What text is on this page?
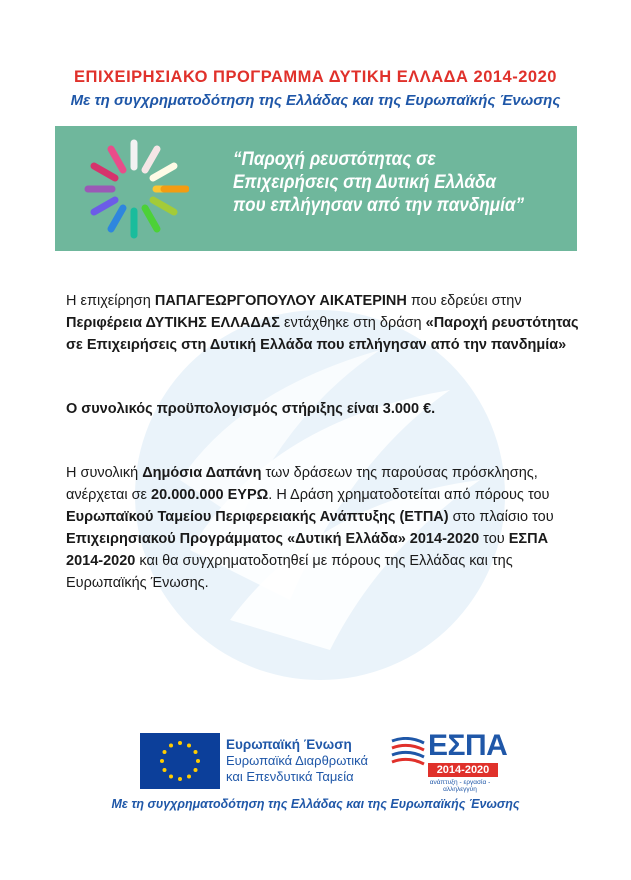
ΕΠΙΧΕΙΡΗΣΙΑΚΟ ΠΡΟΓΡΑΜΜΑ ΔΥΤΙΚΗ ΕΛΛΑΔΑ 2014-2020
Με τη συγχρηματοδότηση της Ελλάδας και της Ευρωπαϊκής Ένωσης
“Παροχή ρευστότητας σε
Επιχειρήσεις στη Δυτική Ελλάδα
που επλήγησαν από την πανδημία”
Η επιχείρηση ΠΑΠΑΓΕΩΡΓΟΠΟΥΛΟΥ ΑΙΚΑΤΕΡΙΝΗ που εδρεύει στην Περιφέρεια ΔΥΤΙΚΗΣ ΕΛΛΑΔΑΣ εντάχθηκε στη δράση «Παροχή ρευστότητας σε Επιχειρήσεις στη Δυτική Ελλάδα που επλήγησαν από την πανδημία»
Ο συνολικός προϋπολογισμός στήριξης είναι 3.000 €.
Η συνολική Δημόσια Δαπάνη των δράσεων της παρούσας πρόσκλησης, ανέρχεται σε 20.000.000 ΕΥΡΩ. Η Δράση χρηματοδοτείται από πόρους του Ευρωπαϊκού Ταμείου Περιφερειακής Ανάπτυξης (ΕΤΠΑ) στο πλαίσιο του Επιχειρησιακού Προγράμματος «Δυτική Ελλάδα» 2014-2020 του ΕΣΠΑ 2014-2020 και θα συγχρηματοδοτηθεί με πόρους της Ελλάδας και της Ευρωπαϊκής Ένωσης.
Ευρωπαϊκή Ένωση
Ευρωπαϊκά Διαρθρωτικά
και Επενδυτικά Ταμεία
ΕΣΠΑ
2014-2020
ανάπτυξη - εργασία - αλληλεγγύη
Με τη συγχρηματοδότηση της Ελλάδας και της Ευρωπαϊκής Ένωσης
